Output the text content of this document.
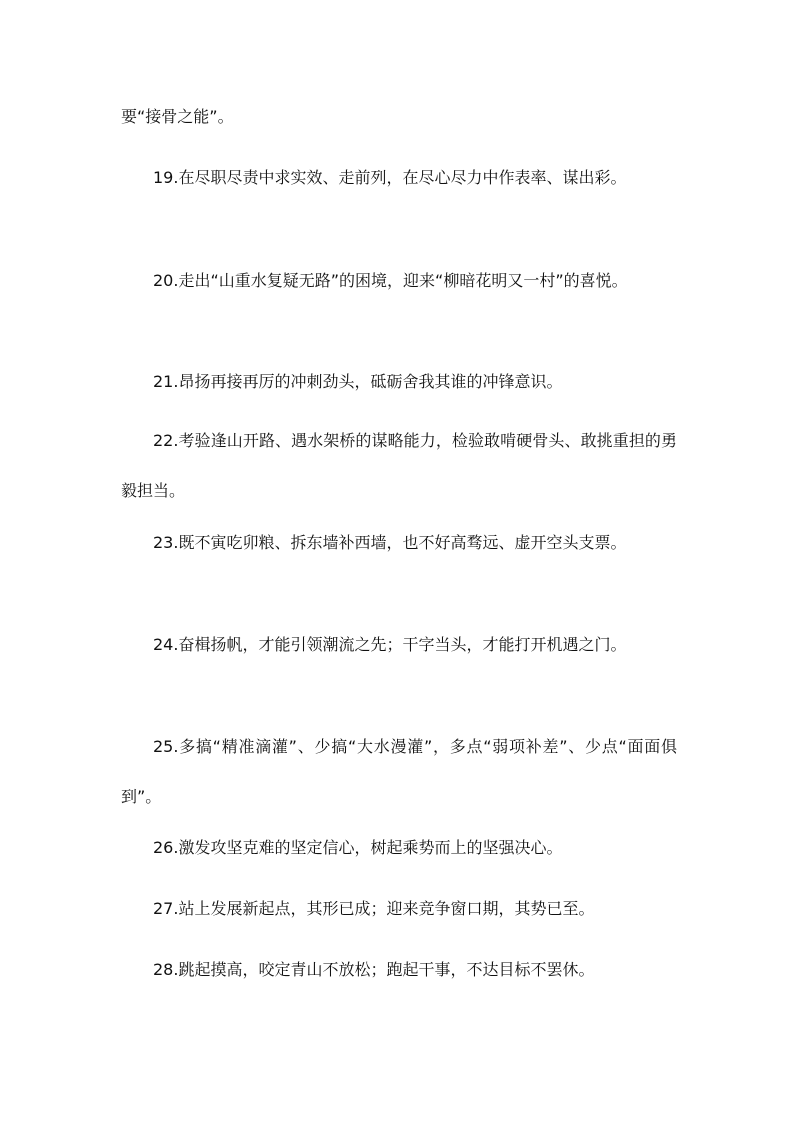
要“接骨之能”。

19.在尽职尽责中求实效、走前列，在尽心尽力中作表率、谋出彩。

20.走出“山重水复疑无路”的困境，迎来“柳暗花明又一村”的喜悦。

21.昂扬再接再厉的冲刺劲头，砥砺舍我其谁的冲锋意识。

22.考验逢山开路、遇水架桥的谋略能力，检验敢啃硬骨头、敢挑重担的勇毅担当。

23.既不寅吃卯粮、拆东墙补西墙，也不好高骛远、虚开空头支票。

24.奋楫扬帆，才能引领潮流之先；干字当头，才能打开机遇之门。

25.多搞“精准滴灌”、少搞“大水漫灌”，多点“弱项补差”、少点“面面俱到”。

26.激发攻坚克难的坚定信心，树起乘势而上的坚强决心。

27.站上发展新起点，其形已成；迎来竞争窗口期，其势已至。

28.跳起摸高，咬定青山不放松；跑起干事，不达目标不罢休。
